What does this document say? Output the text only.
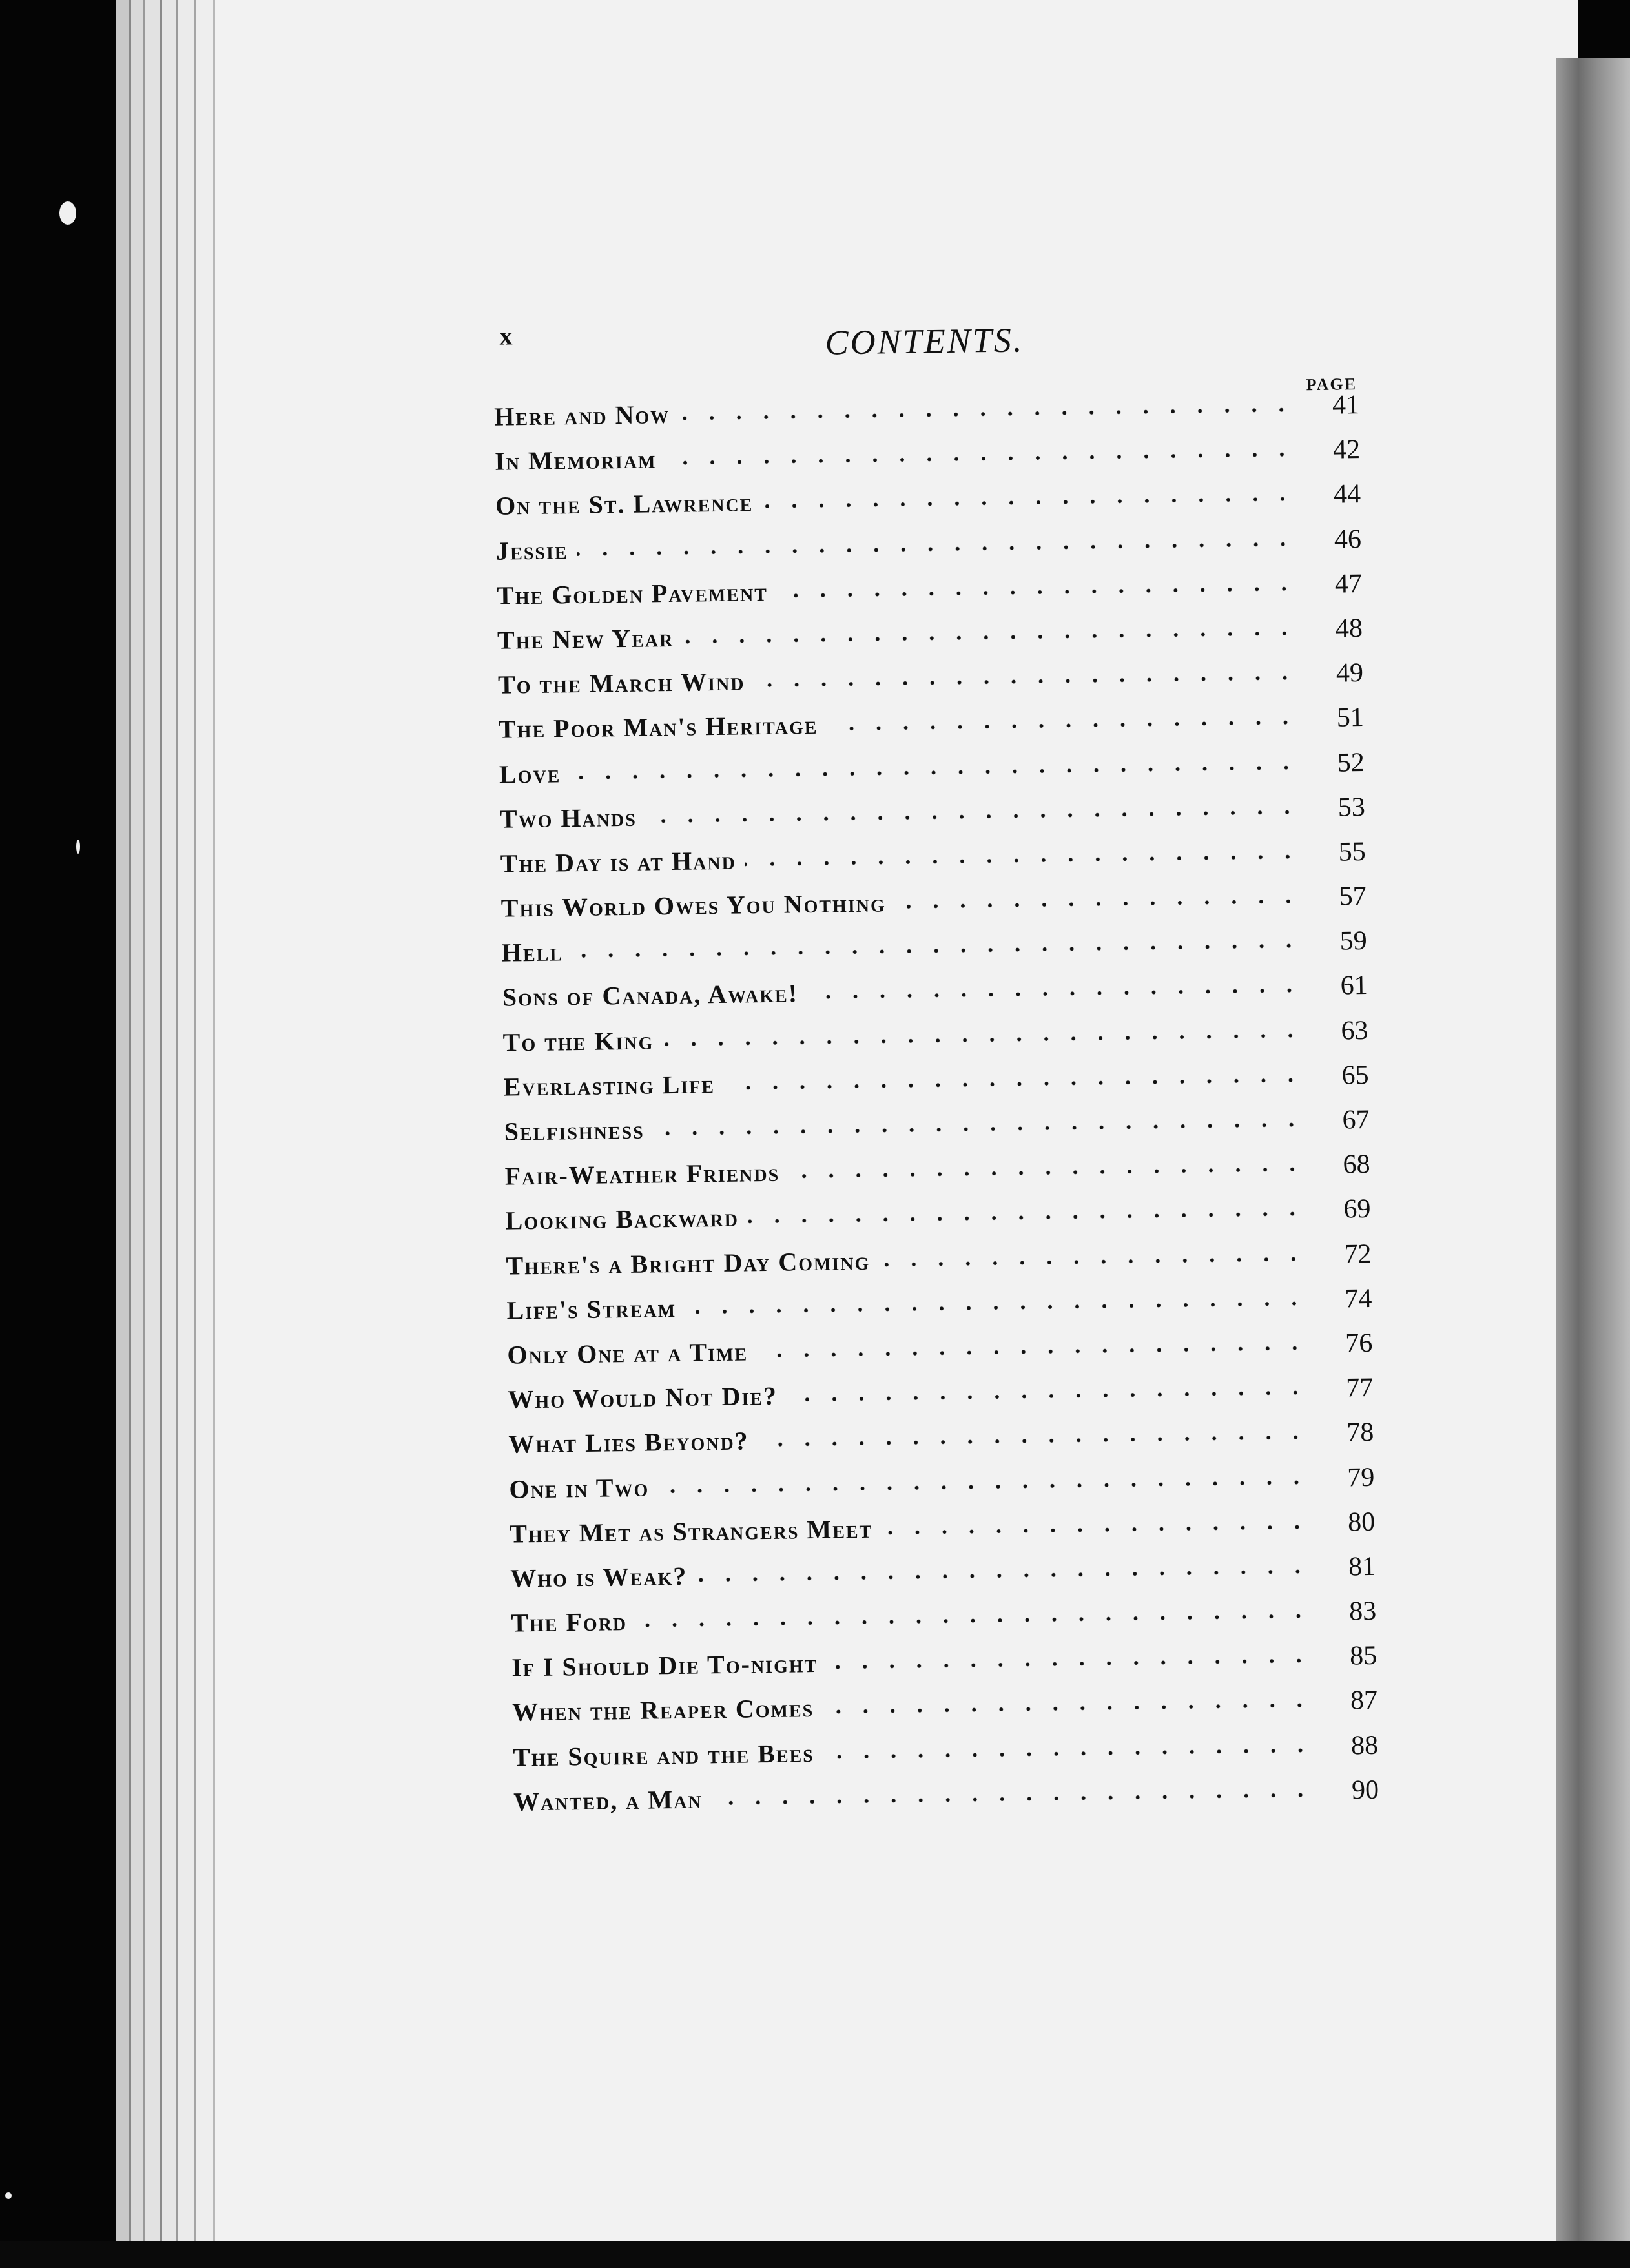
x	CONTENTS.
PAGE
Here and Now	41
In Memoriam	42
On the St. Lawrence	44
Jessie	46
The Golden Pavement	47
The New Year	48
To the March Wind	49
The Poor Man's Heritage	51
Love	52
Two Hands	53
The Day is at Hand	55
This World Owes You Nothing	57
Hell	59
Sons of Canada, Awake!	61
To the King	63
Everlasting Life	65
Selfishness	67
Fair-Weather Friends	68
Looking Backward	69
There's a Bright Day Coming	72
Life's Stream	74
Only One at a Time	76
Who Would Not Die?	77
What Lies Beyond?	78
One in Two	79
They Met as Strangers Meet	80
Who is Weak?	81
The Ford	83
If I Should Die To-night	85
When the Reaper Comes	87
The Squire and the Bees	88
Wanted, a Man	90
